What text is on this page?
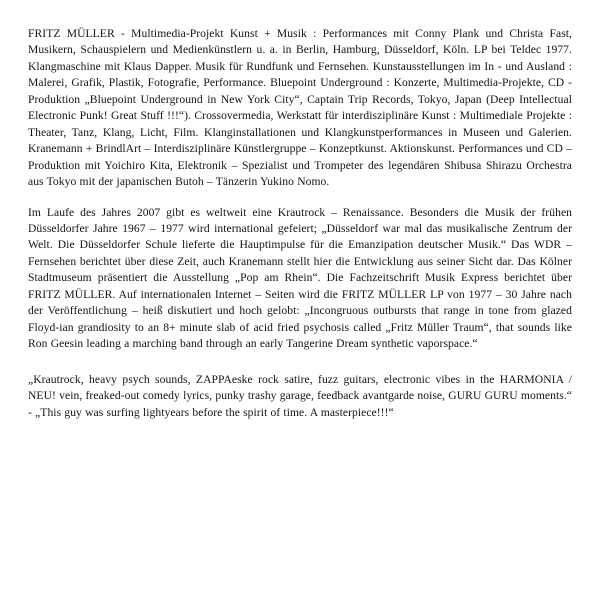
FRITZ MÜLLER - Multimedia-Projekt Kunst + Musik : Performances mit Conny Plank und Christa Fast, Musikern, Schauspielern und Medienkünstlern u. a. in Berlin, Hamburg, Düsseldorf, Köln. LP bei Teldec 1977. Klangmaschine mit Klaus Dapper. Musik für Rundfunk und Fernsehen. Kunstausstellungen im In - und Ausland : Malerei, Grafik, Plastik, Fotografie, Performance. Bluepoint Underground : Konzerte, Multimedia-Projekte, CD - Produktion „Bluepoint Underground in New York City“, Captain Trip Records, Tokyo, Japan (Deep Intellectual Electronic Punk! Great Stuff !!!“). Crossovermedia, Werkstatt für interdisziplinäre Kunst : Multimediale Projekte : Theater, Tanz, Klang, Licht, Film. Klanginstallationen und Klangkunstperformances in Museen und Galerien. Kranemann + BrindlArt – Interdisziplinäre Künstlergruppe – Konzeptkunst. Aktionskunst. Performances und CD – Produktion mit Yoichiro Kita, Elektronik – Spezialist und Trompeter des legendären Shibusa Shirazu Orchestra aus Tokyo mit der japanischen Butoh – Tänzerin Yukino Nomo.

Im Laufe des Jahres 2007 gibt es weltweit eine Krautrock – Renaissance. Besonders die Musik der frühen Düsseldorfer Jahre 1967 – 1977 wird international gefeiert; „Düsseldorf war mal das musikalische Zentrum der Welt. Die Düsseldorfer Schule lieferte die Hauptimpulse für die Emanzipation deutscher Musik.“ Das WDR – Fernsehen berichtet über diese Zeit, auch Kranemann stellt hier die Entwicklung aus seiner Sicht dar. Das Kölner Stadtmuseum präsentiert die Ausstellung „Pop am Rhein“. Die Fachzeitschrift Musik Express berichtet über FRITZ MÜLLER. Auf internationalen Internet – Seiten wird die FRITZ MÜLLER LP von 1977 – 30 Jahre nach der Veröffentlichung – heiß diskutiert und hoch gelobt: „Incongruous outbursts that range in tone from glazed Floyd-ian grandiosity to an 8+ minute slab of acid fried psychosis called „Fritz Müller Traum“, that sounds like Ron Geesin leading a marching band through an early Tangerine Dream synthetic vaporspace.“

„Krautrock, heavy psych sounds, ZAPPAeske rock satire, fuzz guitars, electronic vibes in the HARMONIA / NEU! vein, freaked-out comedy lyrics, punky trashy garage, feedback avantgarde noise, GURU GURU moments.“ - „This guy was surfing lightyears before the spirit of time. A masterpiece!!!“
